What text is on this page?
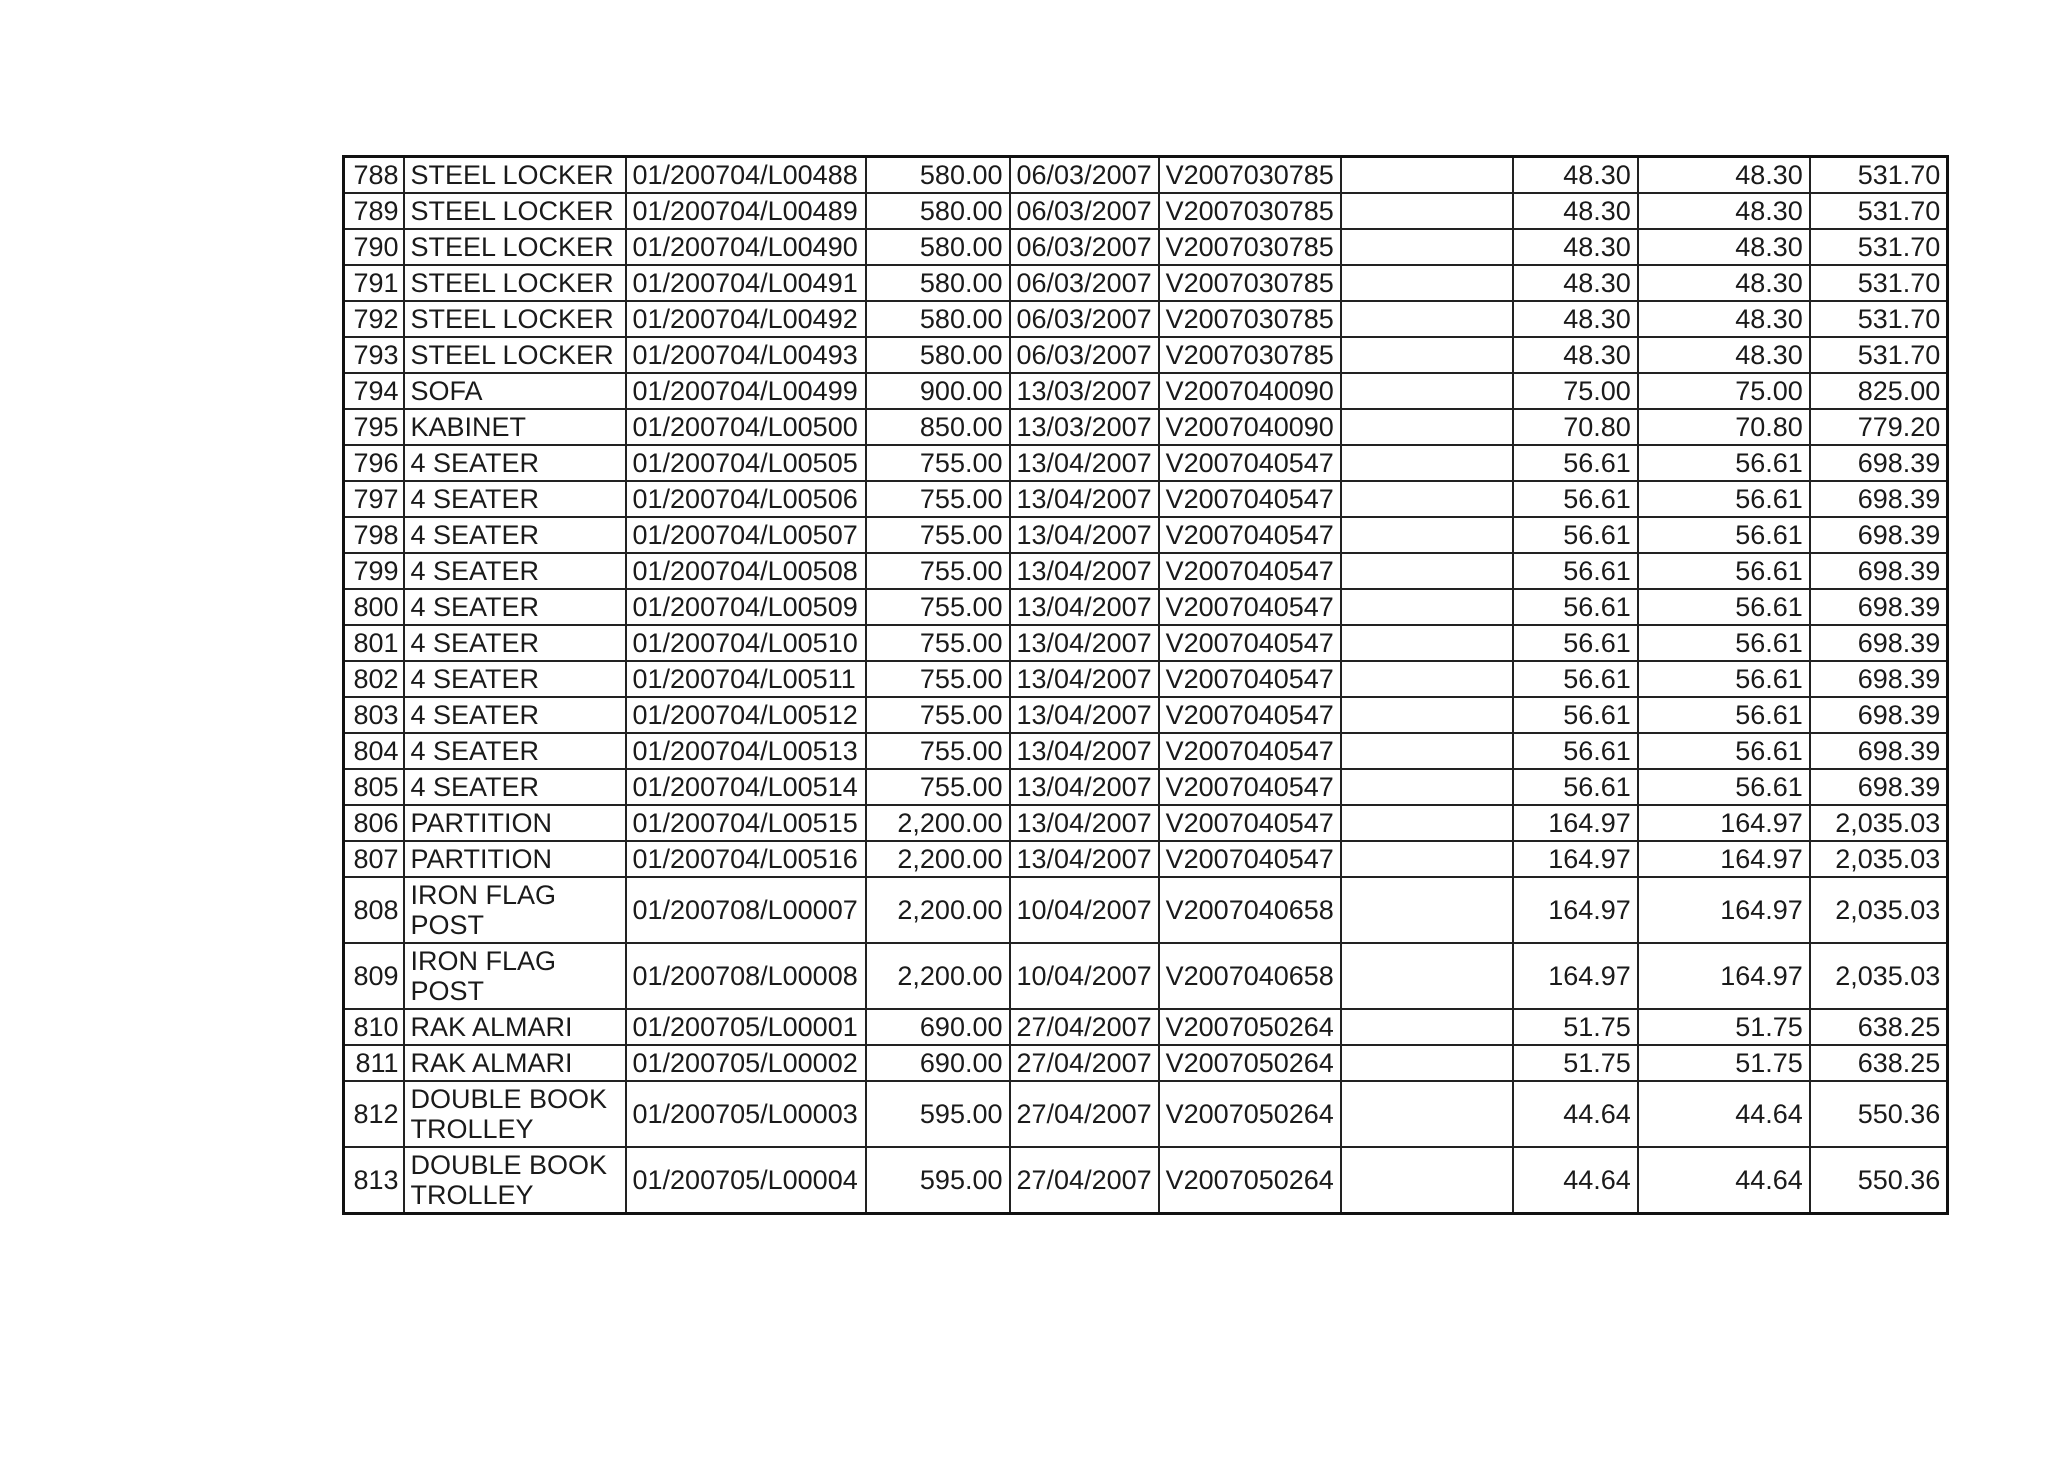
788	STEEL LOCKER	01/200704/L00488	580.00	06/03/2007	V2007030785		48.30	48.30	531.70
789	STEEL LOCKER	01/200704/L00489	580.00	06/03/2007	V2007030785		48.30	48.30	531.70
790	STEEL LOCKER	01/200704/L00490	580.00	06/03/2007	V2007030785		48.30	48.30	531.70
791	STEEL LOCKER	01/200704/L00491	580.00	06/03/2007	V2007030785		48.30	48.30	531.70
792	STEEL LOCKER	01/200704/L00492	580.00	06/03/2007	V2007030785		48.30	48.30	531.70
793	STEEL LOCKER	01/200704/L00493	580.00	06/03/2007	V2007030785		48.30	48.30	531.70
794	SOFA	01/200704/L00499	900.00	13/03/2007	V2007040090		75.00	75.00	825.00
795	KABINET	01/200704/L00500	850.00	13/03/2007	V2007040090		70.80	70.80	779.20
796	4 SEATER	01/200704/L00505	755.00	13/04/2007	V2007040547		56.61	56.61	698.39
797	4 SEATER	01/200704/L00506	755.00	13/04/2007	V2007040547		56.61	56.61	698.39
798	4 SEATER	01/200704/L00507	755.00	13/04/2007	V2007040547		56.61	56.61	698.39
799	4 SEATER	01/200704/L00508	755.00	13/04/2007	V2007040547		56.61	56.61	698.39
800	4 SEATER	01/200704/L00509	755.00	13/04/2007	V2007040547		56.61	56.61	698.39
801	4 SEATER	01/200704/L00510	755.00	13/04/2007	V2007040547		56.61	56.61	698.39
802	4 SEATER	01/200704/L00511	755.00	13/04/2007	V2007040547		56.61	56.61	698.39
803	4 SEATER	01/200704/L00512	755.00	13/04/2007	V2007040547		56.61	56.61	698.39
804	4 SEATER	01/200704/L00513	755.00	13/04/2007	V2007040547		56.61	56.61	698.39
805	4 SEATER	01/200704/L00514	755.00	13/04/2007	V2007040547		56.61	56.61	698.39
806	PARTITION	01/200704/L00515	2,200.00	13/04/2007	V2007040547		164.97	164.97	2,035.03
807	PARTITION	01/200704/L00516	2,200.00	13/04/2007	V2007040547		164.97	164.97	2,035.03
808	IRON FLAG POST	01/200708/L00007	2,200.00	10/04/2007	V2007040658		164.97	164.97	2,035.03
809	IRON FLAG POST	01/200708/L00008	2,200.00	10/04/2007	V2007040658		164.97	164.97	2,035.03
810	RAK ALMARI	01/200705/L00001	690.00	27/04/2007	V2007050264		51.75	51.75	638.25
811	RAK ALMARI	01/200705/L00002	690.00	27/04/2007	V2007050264		51.75	51.75	638.25
812	DOUBLE BOOK TROLLEY	01/200705/L00003	595.00	27/04/2007	V2007050264		44.64	44.64	550.36
813	DOUBLE BOOK TROLLEY	01/200705/L00004	595.00	27/04/2007	V2007050264		44.64	44.64	550.36
